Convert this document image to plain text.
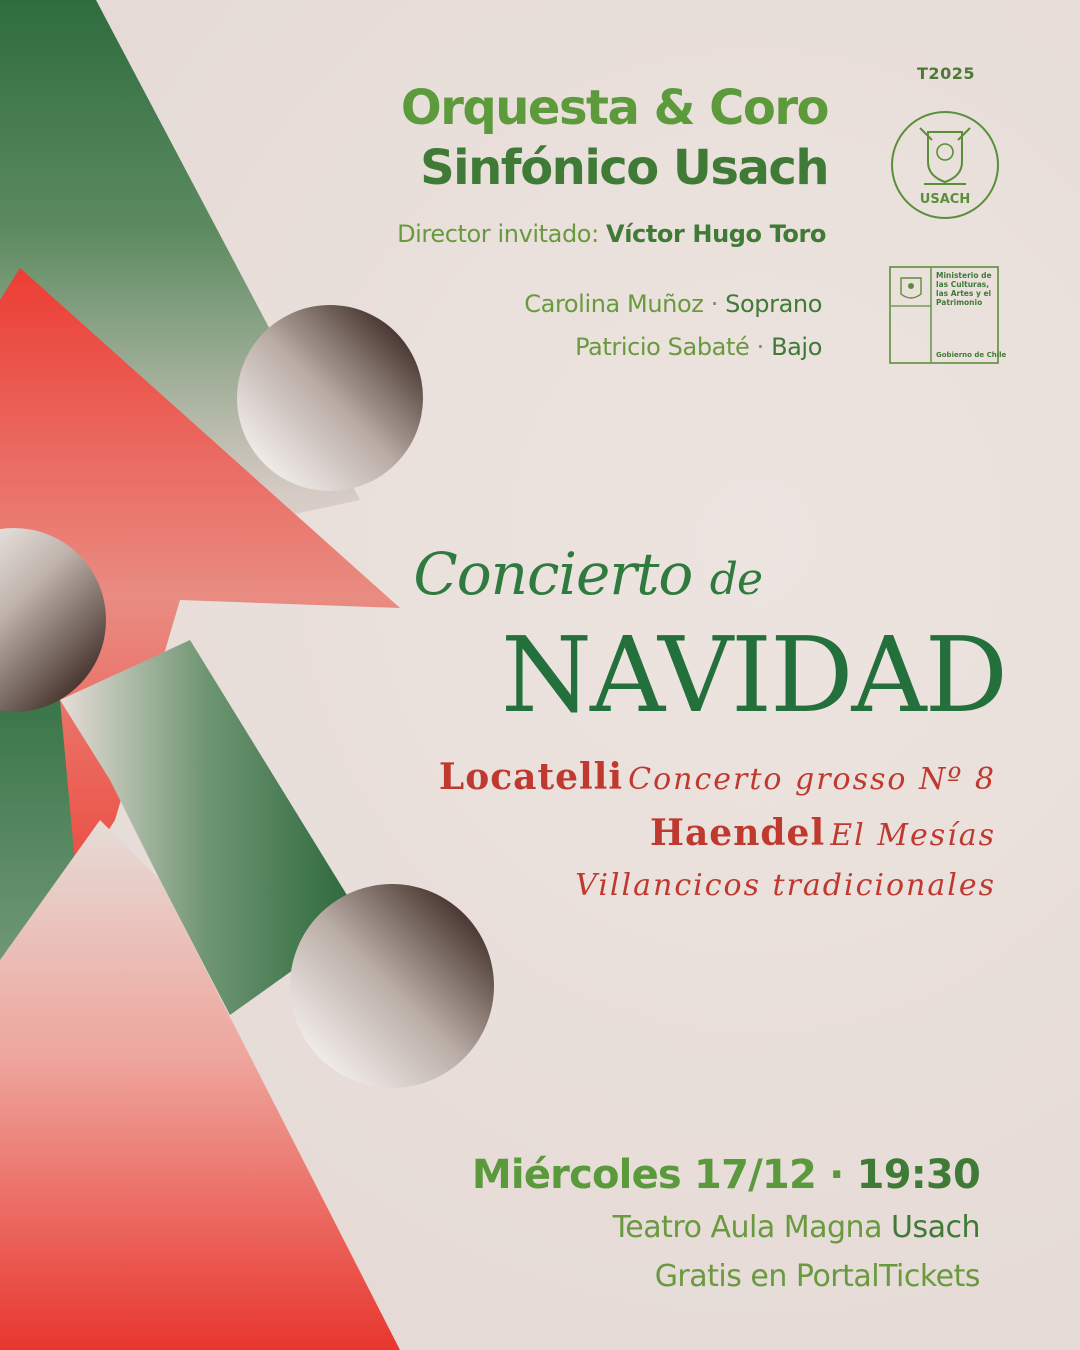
T2025
Orquesta & Coro
Sinfónico Usach
Director invitado: Víctor Hugo Toro
Carolina Muñoz · Soprano
Patricio Sabaté · Bajo
USACH
Ministerio de las Culturas, las Artes y el Patrimonio
Gobierno de Chile
Concierto de
NAVIDAD
Locatelli Concerto grosso Nº 8
Haendel El Mesías
Villancicos tradicionales
Miércoles 17/12 · 19:30
Teatro Aula Magna Usach
Gratis en PortalTickets
